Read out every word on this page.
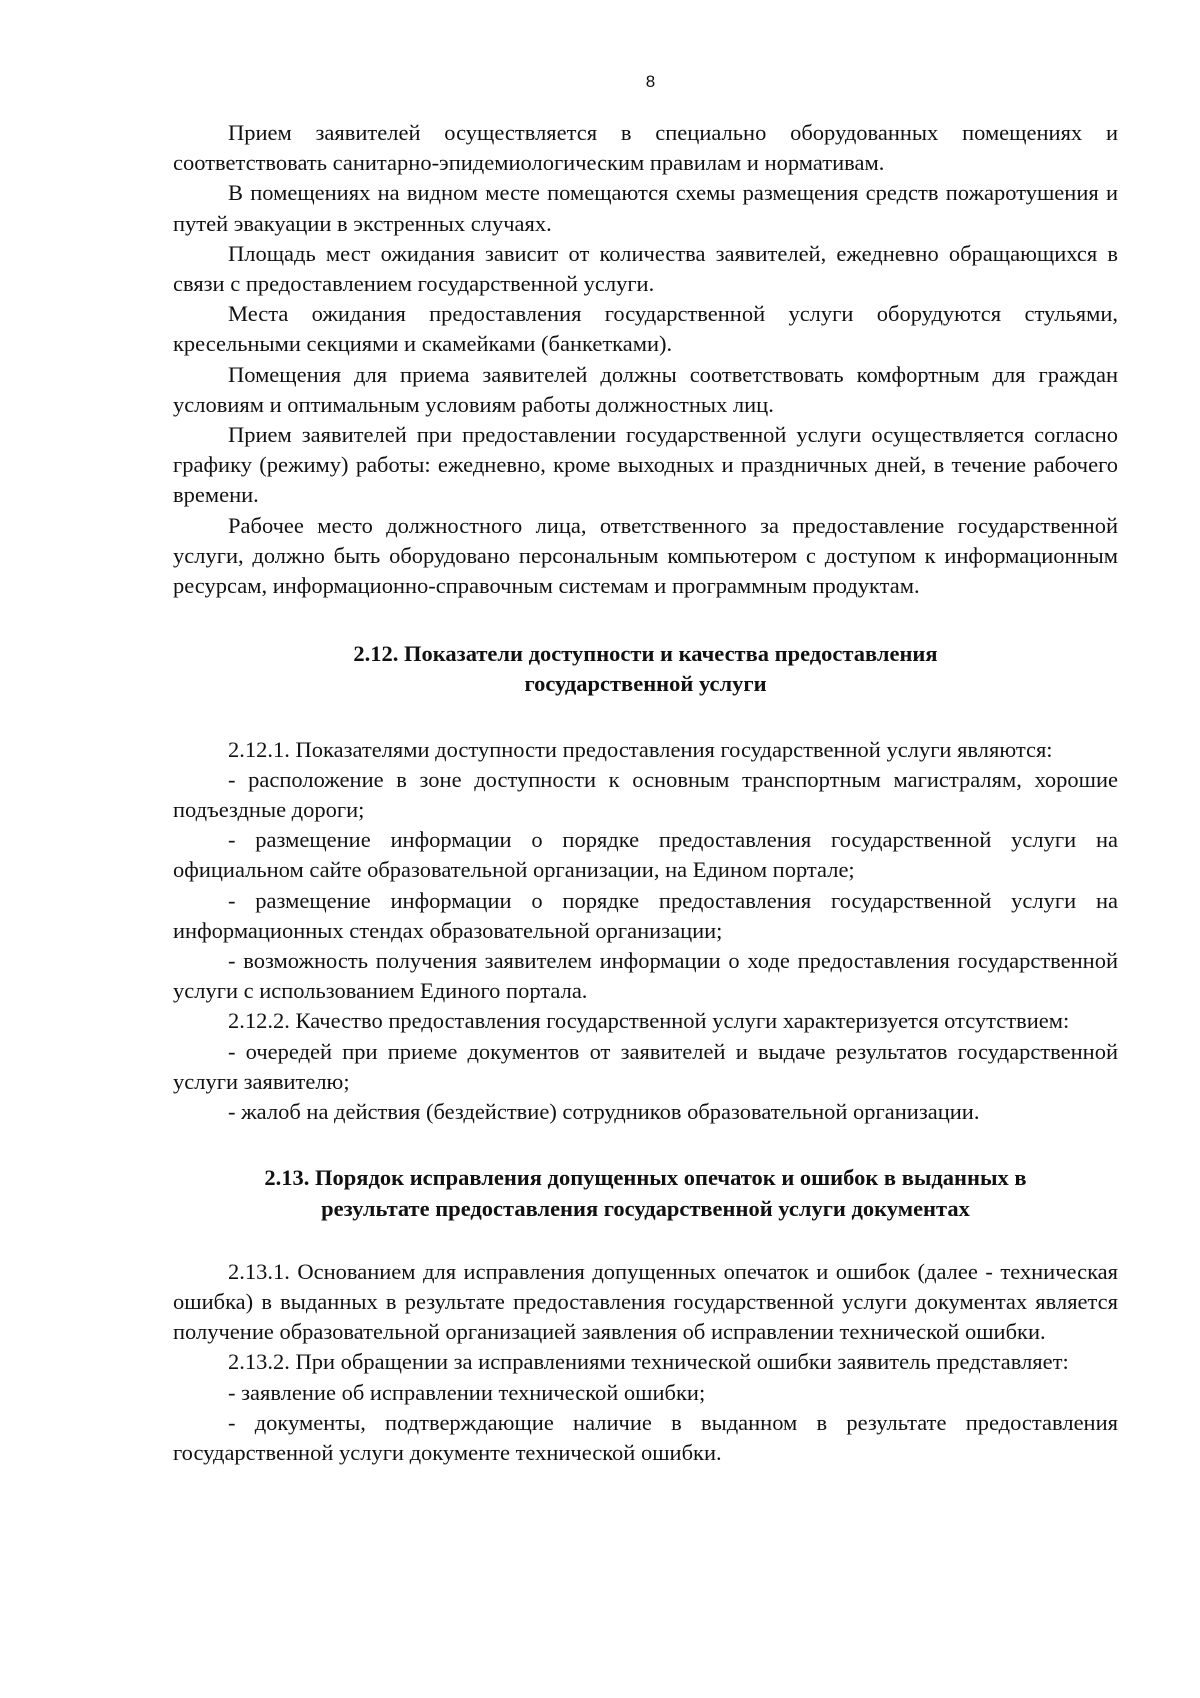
8

Прием заявителей осуществляется в специально оборудованных помещениях и соответствовать санитарно-эпидемиологическим правилам и нормативам.

В помещениях на видном месте помещаются схемы размещения средств пожаротушения и путей эвакуации в экстренных случаях.

Площадь мест ожидания зависит от количества заявителей, ежедневно обращающихся в связи с предоставлением государственной услуги.

Места ожидания предоставления государственной услуги оборудуются стульями, кресельными секциями и скамейками (банкетками).

Помещения для приема заявителей должны соответствовать комфортным для граждан условиям и оптимальным условиям работы должностных лиц.

Прием заявителей при предоставлении государственной услуги осуществляется согласно графику (режиму) работы: ежедневно, кроме выходных и праздничных дней, в течение рабочего времени.

Рабочее место должностного лица, ответственного за предоставление государственной услуги, должно быть оборудовано персональным компьютером с доступом к информационным ресурсам, информационно-справочным системам и программным продуктам.

2.12. Показатели доступности и качества предоставления
государственной услуги

2.12.1. Показателями доступности предоставления государственной услуги являются:

- расположение в зоне доступности к основным транспортным магистралям, хорошие подъездные дороги;

- размещение информации о порядке предоставления государственной услуги на официальном сайте образовательной организации, на Едином портале;

- размещение информации о порядке предоставления государственной услуги на информационных стендах образовательной организации;

- возможность получения заявителем информации о ходе предоставления государственной услуги с использованием Единого портала.

2.12.2. Качество предоставления государственной услуги характеризуется отсутствием:

- очередей при приеме документов от заявителей и выдаче результатов государственной услуги заявителю;

- жалоб на действия (бездействие) сотрудников образовательной организации.

2.13. Порядок исправления допущенных опечаток и ошибок в выданных в
результате предоставления государственной услуги документах

2.13.1. Основанием для исправления допущенных опечаток и ошибок (далее - техническая ошибка) в выданных в результате предоставления государственной услуги документах является получение образовательной организацией заявления об исправлении технической ошибки.

2.13.2. При обращении за исправлениями технической ошибки заявитель представляет:

- заявление об исправлении технической ошибки;

- документы, подтверждающие наличие в выданном в результате предоставления государственной услуги документе технической ошибки.
